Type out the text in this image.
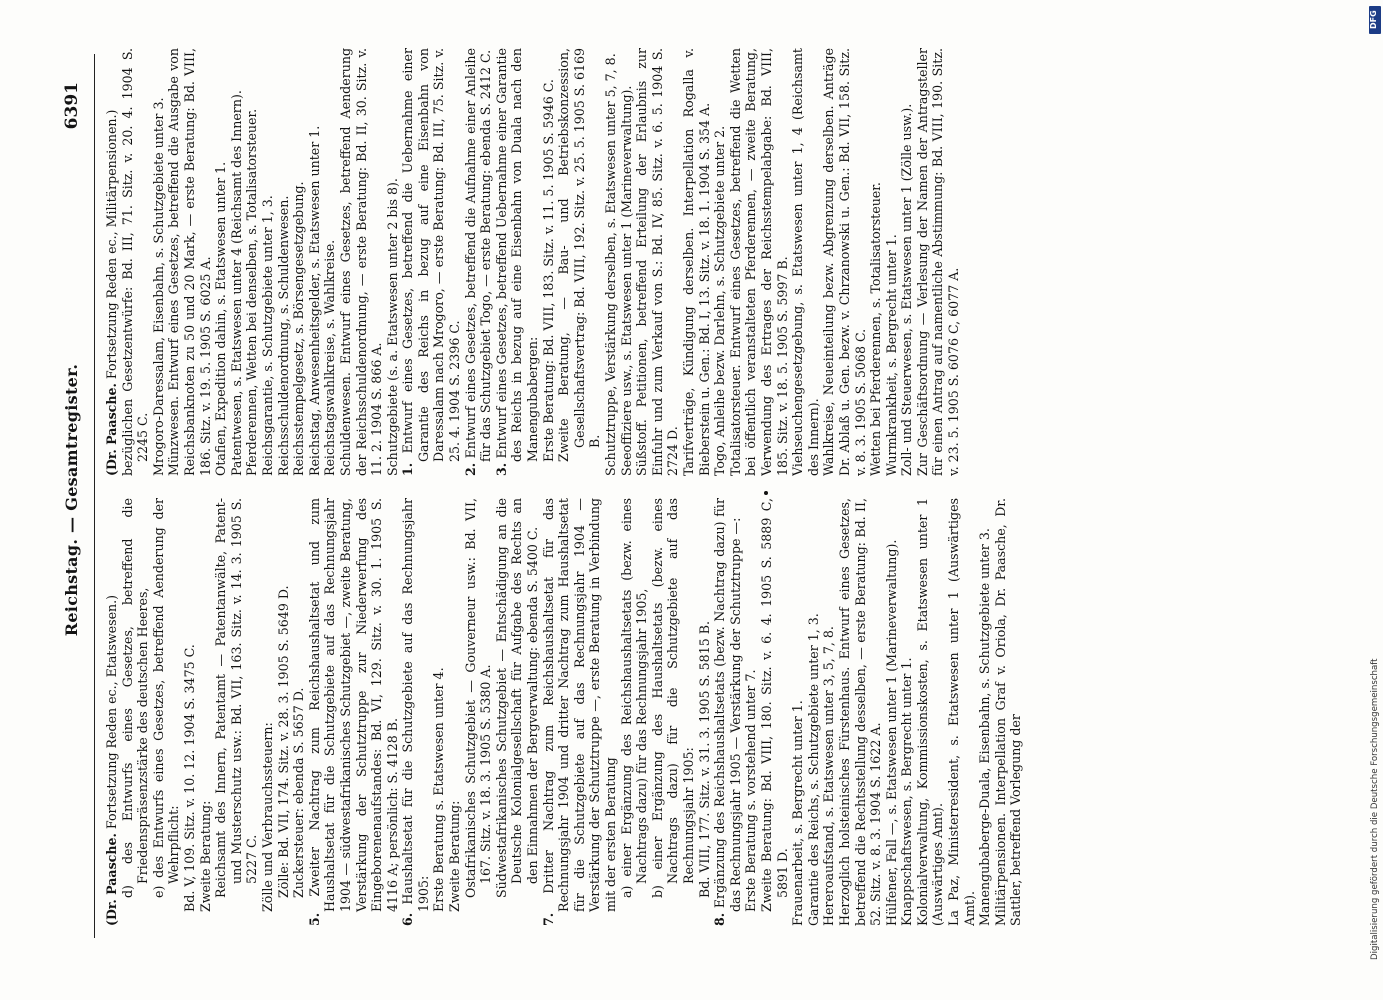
Reichstag. — Gesamtregister.
6391

(Dr. Paasche. Fortsetzung Reden ec., Etatswesen.) d) des Entwurfs eines Gesetzes, betreffend die Friedenspräsenzstärke des deutschen Heeres, e) des Entwurfs eines Gesetzes, betreffend Aenderung der Wehrpflicht: Bd. V, 109. Sitz. v. 10. 12. 1904 S. 3475 C. Zweite Beratung: Reichsamt des Innern, Patentamt — Patentanwälte, Patent- und Musterschutz usw.: Bd. VII, 163. Sitz. v. 14. 3. 1905 S. 5227 C. Zölle und Verbrauchssteuern: Zölle: Bd. VII, 174. Sitz. v. 28. 3. 1905 S. 5649 D. Zuckersteuer: ebenda S. 5657 D.

5. Zweiter Nachtrag zum Reichshaushaltsetat und zum Haushaltsetat für die Schutzgebiete auf das Rechnungsjahr 1904 — südwestafrikanisches Schutzgebiet —, zweite Beratung, Verstärkung der Schutztruppe zur Niederwerfung des Eingeborenenaufstandes: Bd. VI, 129. Sitz. v. 30. 1. 1905 S. 4116 A; persönlich: S. 4128 B.

6. Haushaltsetat für die Schutzgebiete auf das Rechnungsjahr 1905: Erste Beratung s. Etatswesen unter 4. Zweite Beratung: Ostafrikanisches Schutzgebiet — Gouverneur usw.: Bd. VII, 167. Sitz. v. 18. 3. 1905 S. 5380 A. Südwestafrikanisches Schutzgebiet — Entschädigung an die Deutsche Kolonialgesellschaft für Aufgabe des Rechts an den Einnahmen der Bergverwaltung: ebenda S. 5400 C.

7. Dritter Nachtrag zum Reichshaushaltsetat für das Rechnungsjahr 1904 und dritter Nachtrag zum Haushaltsetat für die Schutzgebiete auf das Rechnungsjahr 1904 — Verstärkung der Schutztruppe —, erste Beratung in Verbindung mit der ersten Beratung a) einer Ergänzung des Reichshaushaltsetats (bezw. eines Nachtrags dazu) für das Rechnungsjahr 1905, b) einer Ergänzung des Haushaltsetats (bezw. eines Nachtrags dazu) für die Schutzgebiete auf das Rechnungsjahr 1905: Bd. VIII, 177. Sitz. v. 31. 3. 1905 S. 5815 B.

8. Ergänzung des Reichshaushaltsetats (bezw. Nachtrag dazu) für das Rechnungsjahr 1905 — Verstärkung der Schutztruppe —: Erste Beratung s. vorstehend unter 7. Zweite Beratung: Bd. VIII, 180. Sitz. v. 6. 4. 1905 S. 5889 C, 5891 D. Frauenarbeit, s. Bergrecht unter 1. Garantie des Reichs, s. Schutzgebiete unter 1, 3. Hereroaufstand, s. Etatswesen unter 3, 5, 7, 8. Herzoglich holsteinisches Fürstenhaus. Entwurf eines Gesetzes, betreffend die Rechtsstellung desselben, — erste Beratung: Bd. II, 52. Sitz. v. 8. 3. 1904 S. 1622 A. Hülfener, Fall —, s. Etatswesen unter 1 (Marineverwaltung). Knappschaftswesen, s. Bergrecht unter 1. Kolonialverwaltung, Kommissionskosten, s. Etatswesen unter 1 (Auswärtiges Amt). La Paz, Ministerresident, s. Etatswesen unter 1 (Auswärtiges Amt). Manengubaberge-Duala, Eisenbahn, s. Schutzgebiete unter 3. Militärpensionen. Interpellation Graf v. Oriola, Dr. Paasche, Dr. Sattler, betreffend Vorlegung der

(Dr. Paasche. Fortsetzung Reden ec., Militärpensionen.) bezüglichen Gesetzentwürfe: Bd. III, 71. Sitz. v. 20. 4. 1904 S. 2245 C. Mrogoro-Daressalam, Eisenbahn, s. Schutzgebiete unter 3. Münzwesen. Entwurf eines Gesetzes, betreffend die Ausgabe von Reichsbanknoten zu 50 und 20 Mark, — erste Beratung: Bd. VIII, 186. Sitz. v. 19. 5. 1905 S. 6025 A. Otafien, Expedition dahin, s. Etatswesen unter 1. Patentwesen, s. Etatswesen unter 4 (Reichsamt des Innern). Pferderennen, Wetten bei denselben, s. Totalisatorsteuer. Reichsgarantie, s. Schutzgebiete unter 1, 3. Reichsschuldenordnung, s. Schuldenwesen. Reichsstempelgesetz, s. Börsengesetzgebung. Reichstag, Anwesenheitsgelder, s. Etatswesen unter 1. Reichstagswahlkreise, s. Wahlkreise. Schuldenwesen. Entwurf eines Gesetzes, betreffend Aenderung der Reichsschuldenordnung, — erste Beratung: Bd. II, 30. Sitz. v. 11. 2. 1904 S. 866 A. Schutzgebiete (s. a. Etatswesen unter 2 bis 8). 1. Entwurf eines Gesetzes, betreffend die Uebernahme einer Garantie des Reichs in bezug auf eine Eisenbahn von Daressalam nach Mrogoro, — erste Beratung: Bd. III, 75. Sitz. v. 25. 4. 1904 S. 2396 C.

2. Entwurf eines Gesetzes, betreffend die Aufnahme einer Anleihe für das Schutzgebiet Togo, — erste Beratung: ebenda S. 2412 C.

3. Entwurf eines Gesetzes, betreffend Uebernahme einer Garantie des Reichs in bezug auf eine Eisenbahn von Duala nach den Manengubabergen: Erste Beratung: Bd. VIII, 183. Sitz. v. 11. 5. 1905 S. 5946 C. Zweite Beratung, — Bau- und Betriebskonzession, Gesellschaftsvertrag: Bd. VIII, 192. Sitz. v. 25. 5. 1905 S. 6169 B. Schutztruppe, Verstärkung derselben, s. Etatswesen unter 5, 7, 8. Seeoffiziere usw., s. Etatswesen unter 1 (Marineverwaltung). Süßstoff. Petitionen, betreffend Erteilung der Erlaubnis zur Einfuhr und zum Verkauf von S.: Bd. IV, 85. Sitz. v. 6. 5. 1904 S. 2724 D. Tarifverträge, Kündigung derselben. Interpellation Rogalla v. Bieberstein u. Gen.: Bd. I, 13. Sitz. v. 18. 1. 1904 S. 354 A. Togo, Anleihe bezw. Darlehn, s. Schutzgebiete unter 2. Totalisatorsteuer. Entwurf eines Gesetzes, betreffend die Wetten bei öffentlich veranstalteten Pferderennen, — zweite Beratung, Verwendung des Ertrages der Reichsstempelabgabe: Bd. VIII, 185. Sitz. v. 18. 5. 1905 S. 5997 B. Viehseuchengesetzgebung, s. Etatswesen unter 1, 4 (Reichsamt des Innern). Wahlkreise, Neueinteilung bezw. Abgrenzung derselben. Anträge Dr. Ablaß u. Gen. bezw. v. Chrzanowski u. Gen.: Bd. VII, 158. Sitz. v. 8. 3. 1905 S. 5068 C. Wetten bei Pferderennen, s. Totalisatorsteuer. Wurmkrankheit, s. Bergrecht unter 1. Zoll- und Steuerwesen, s. Etatswesen unter 1 (Zölle usw.). Zur Geschäftsordnung — Verlesung der Namen der Antragsteller für einen Antrag auf namentliche Abstimmung: Bd. VIII, 190. Sitz. v. 23. 5. 1905 S. 6076 C, 6077 A.

Digitalisierung gefördert durch die Deutsche Forschungsgemeinschaft
DFG
